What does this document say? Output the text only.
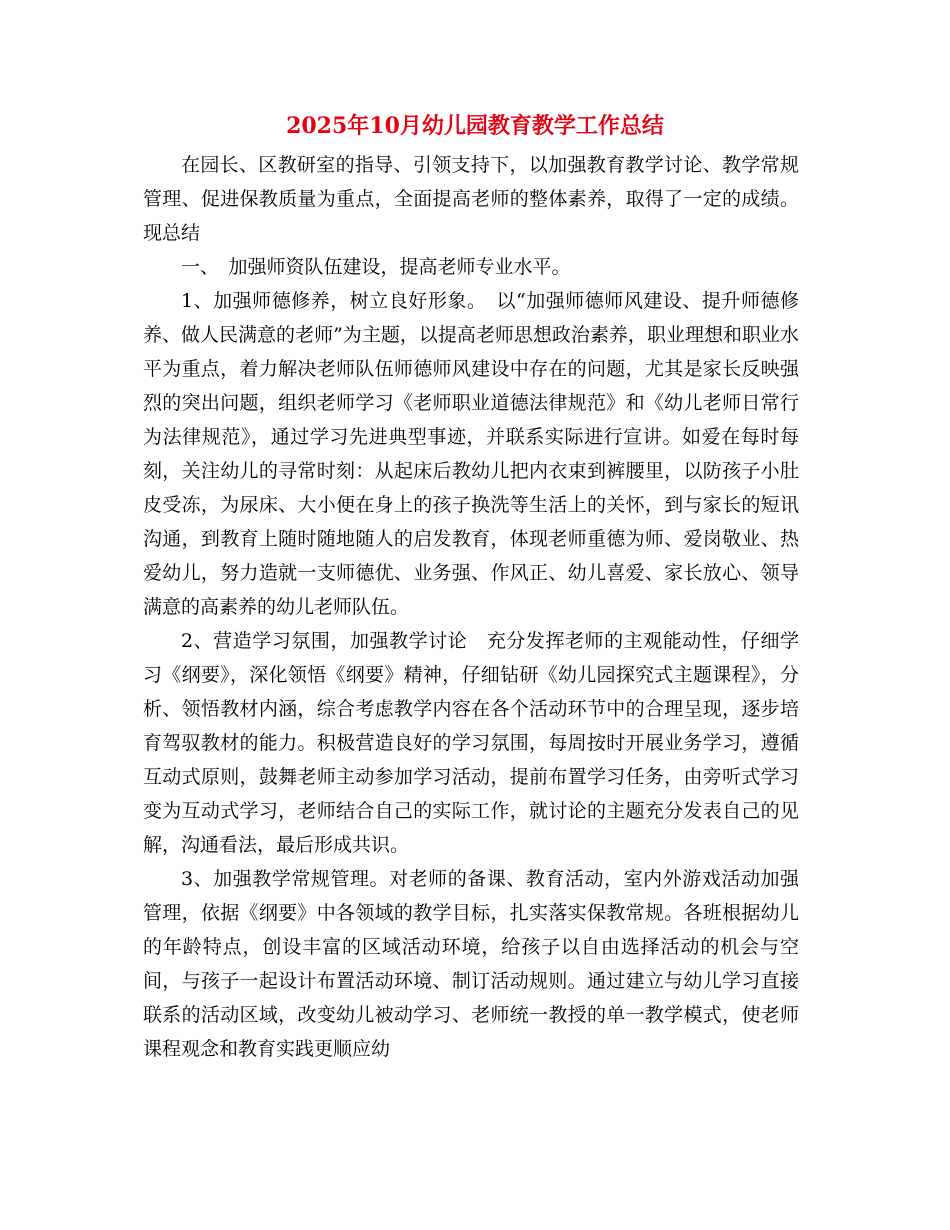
2025年10月幼儿园教育教学工作总结

在园长、区教研室的指导、引领支持下，以加强教育教学讨论、教学常规管理、促进保教质量为重点，全面提高老师的整体素养，取得了一定的成绩。现总结

一、　加强师资队伍建设，提高老师专业水平。

1、加强师德修养，树立良好形象。　以“加强师德师风建设、提升师德修养、做人民满意的老师”为主题，以提高老师思想政治素养，职业理想和职业水平为重点，着力解决老师队伍师德师风建设中存在的问题，尤其是家长反映强烈的突出问题，组织老师学习《老师职业道德法律规范》和《幼儿老师日常行为法律规范》，通过学习先进典型事迹，并联系实际进行宣讲。如爱在每时每刻，关注幼儿的寻常时刻：从起床后教幼儿把内衣束到裤腰里，以防孩子小肚皮受冻，为尿床、大小便在身上的孩子换洗等生活上的关怀，到与家长的短讯沟通，到教育上随时随地随人的启发教育，体现老师重德为师、爱岗敬业、热爱幼儿，努力造就一支师德优、业务强、作风正、幼儿喜爱、家长放心、领导满意的高素养的幼儿老师队伍。

2、营造学习氛围，加强教学讨论　充分发挥老师的主观能动性，仔细学习《纲要》，深化领悟《纲要》精神，仔细钻研《幼儿园探究式主题课程》，分析、领悟教材内涵，综合考虑教学内容在各个活动环节中的合理呈现，逐步培育驾驭教材的能力。积极营造良好的学习氛围，每周按时开展业务学习，遵循互动式原则，鼓舞老师主动参加学习活动，提前布置学习任务，由旁听式学习变为互动式学习，老师结合自己的实际工作，就讨论的主题充分发表自己的见解，沟通看法，最后形成共识。

3、加强教学常规管理。对老师的备课、教育活动，室内外游戏活动加强管理，依据《纲要》中各领域的教学目标，扎实落实保教常规。各班根据幼儿的年龄特点，创设丰富的区域活动环境，给孩子以自由选择活动的机会与空间，与孩子一起设计布置活动环境、制订活动规则。通过建立与幼儿学习直接联系的活动区域，改变幼儿被动学习、老师统一教授的单一教学模式，使老师课程观念和教育实践更顺应幼
